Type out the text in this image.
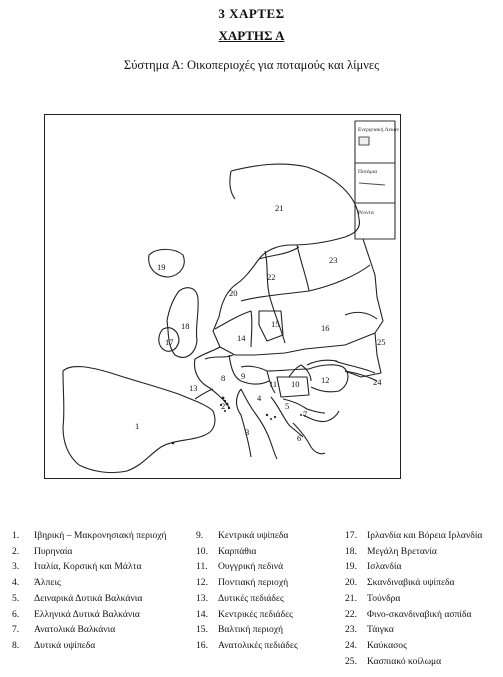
3 ΧΑΡΤΕΣ
ΧΑΡΤΗΣ Α
Σύστημα Α: Οικοπεριοχές για ποταμούς και λίμνες
Ενεργειακή Λεκάνη
Ποτάμια
Ρέοντα
1
2
3
4
5
6
7
8 9
10
11	12
13
14
15	16
17
18
19
20
21
22
23
24
25
1.	Ιβηρική – Μακρονησιακή περιοχή
2.	Πυρηναία
3.	Ιταλία, Κορσική και Μάλτα
4.	Άλπεις
5.	Δειναρικά Δυτικά Βαλκάνια
6.	Ελληνικά Δυτικά Βαλκάνια
7.	Ανατολικά Βαλκάνια
8.	Δυτικά υψίπεδα
9.	Κεντρικά υψίπεδα
10.	Καρπάθια
11.	Ουγγρική πεδινά
12.	Ποντιακή περιοχή
13.	Δυτικές πεδιάδες
14.	Κεντρικές πεδιάδες
15.	Βαλτική περιοχή
16.	Ανατολικές πεδιάδες
17.	Ιρλανδία και Βόρεια Ιρλανδία
18.	Μεγάλη Βρετανία
19.	Ισλανδία
20.	Σκανδιναβικά υψίπεδα
21.	Τούνδρα
22.	Φινο-σκανδιναβική ασπίδα
23.	Τάιγκα
24.	Καύκασος
25.	Κασπιακό κοίλωμα
